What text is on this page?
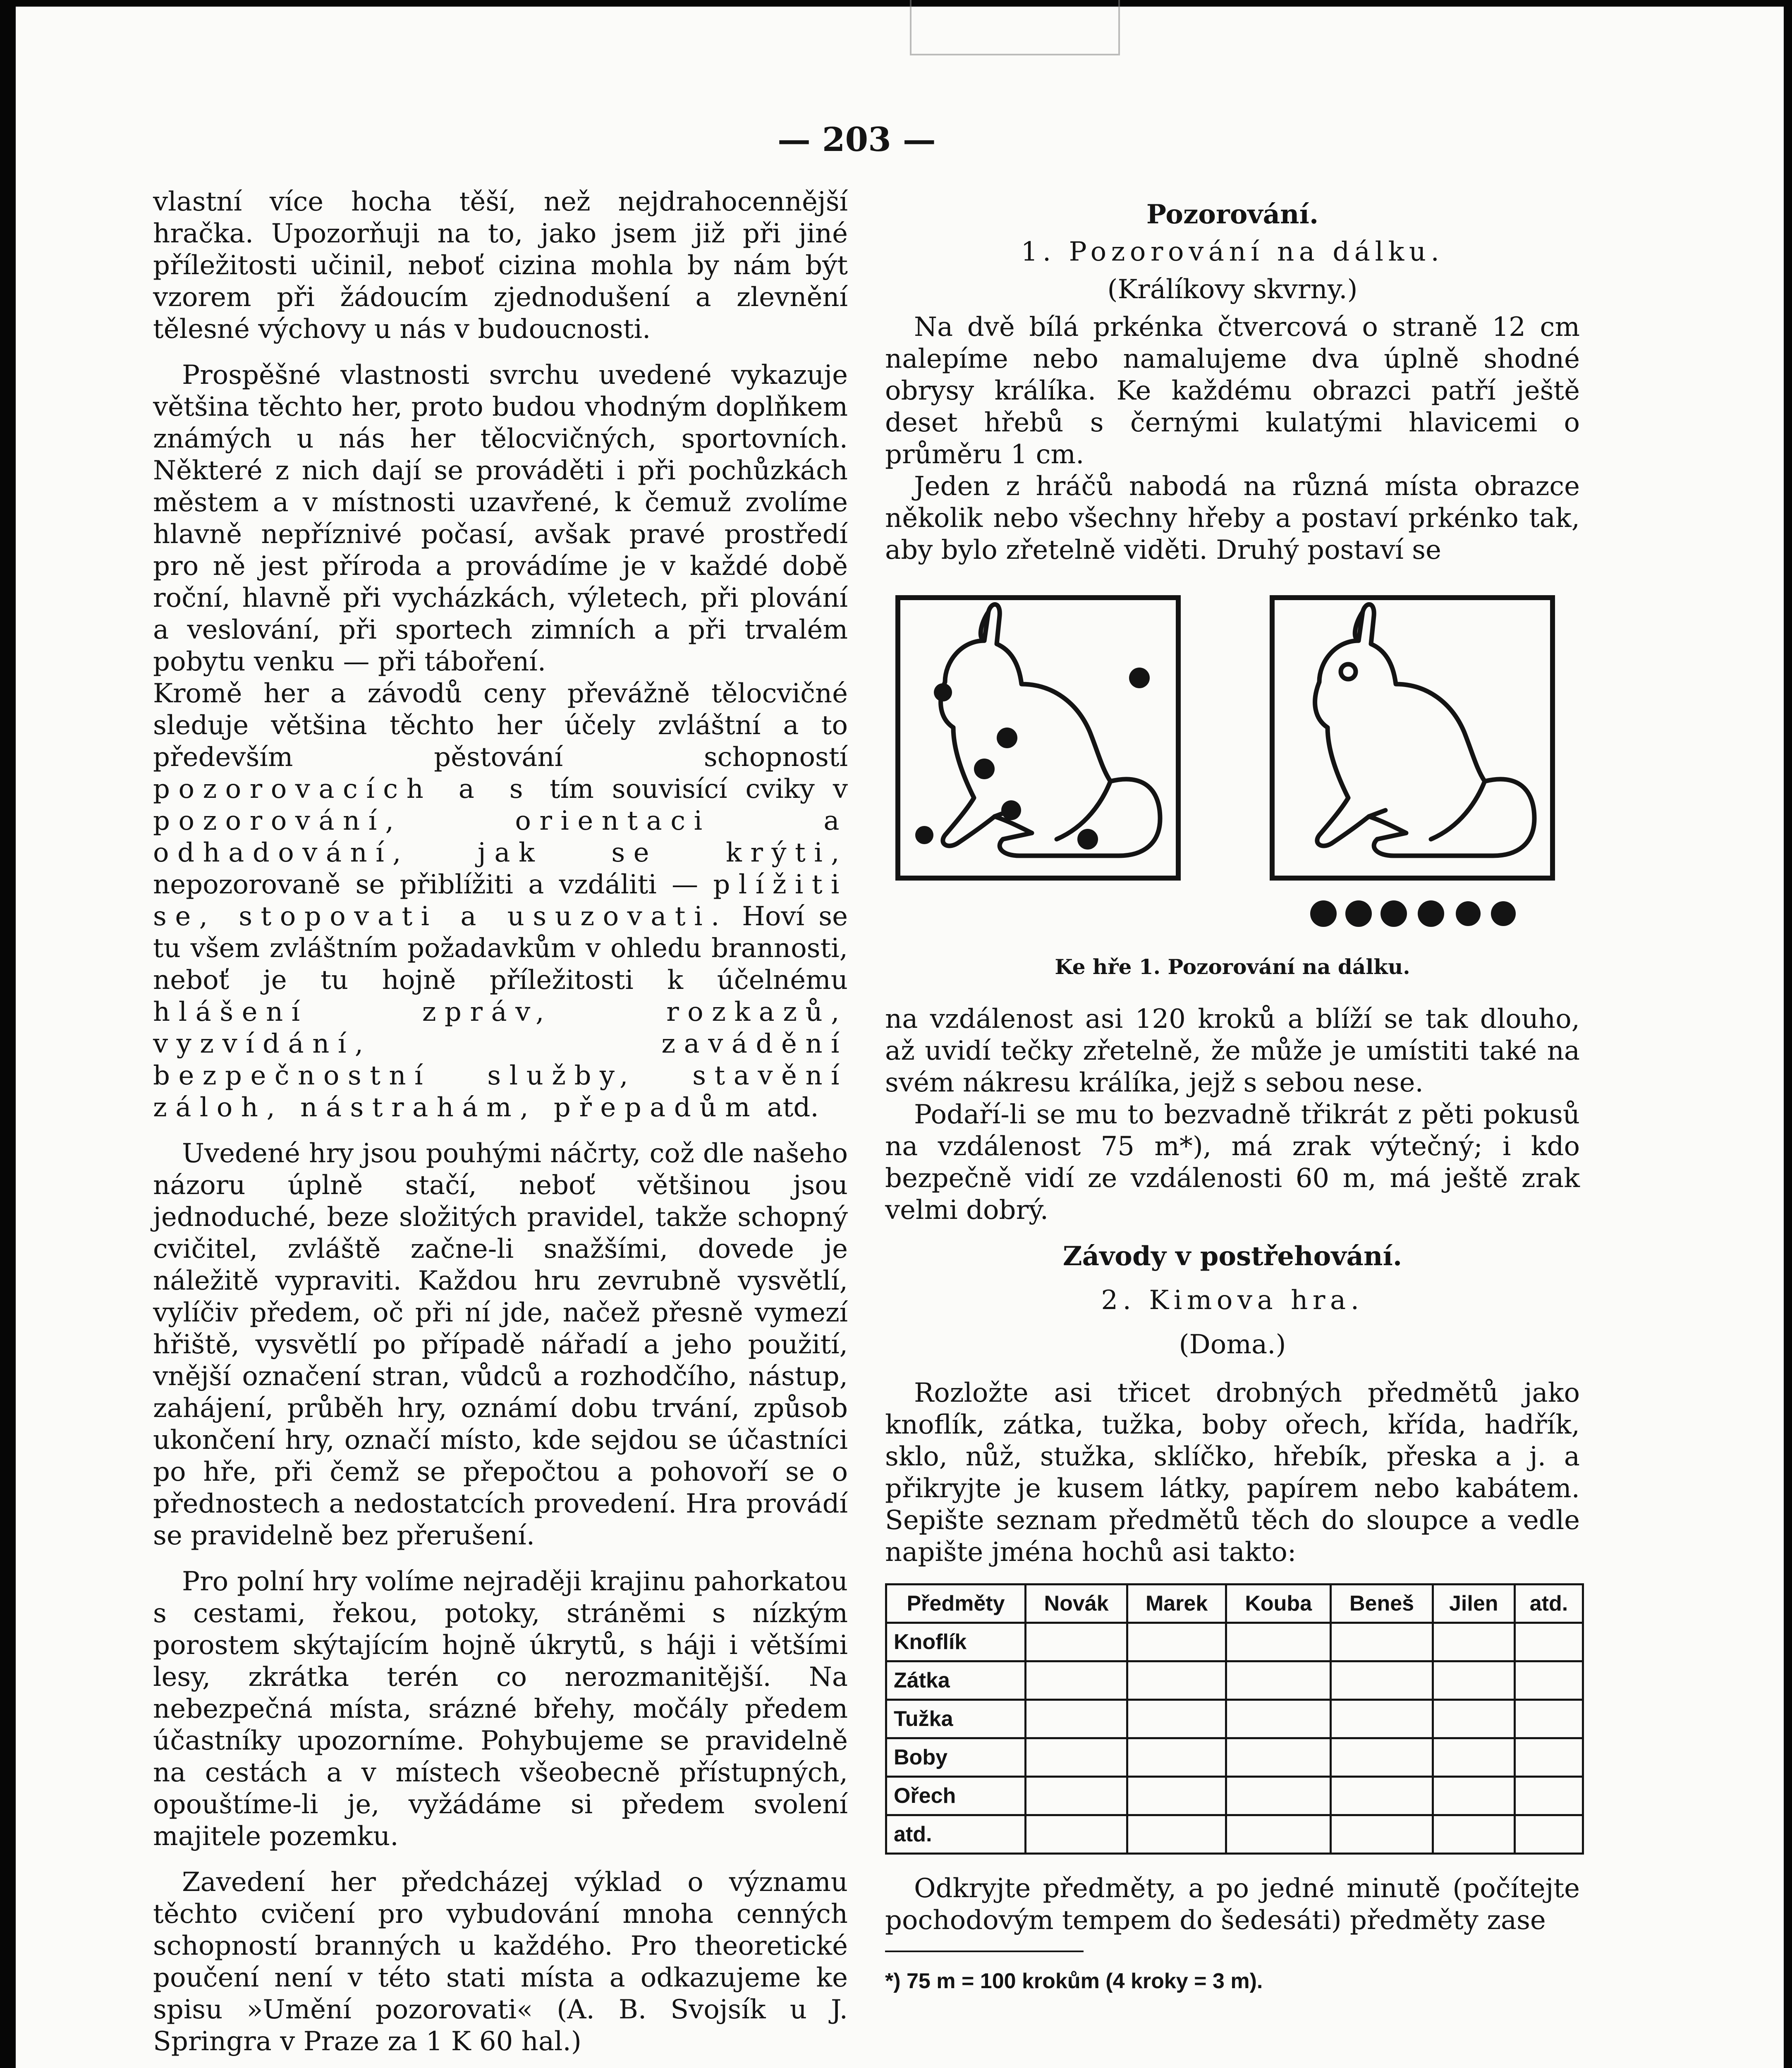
— 203 —

vlastní více hocha těší, než nejdrahocennější hračka. Upozorňuji na to, jako jsem již při jiné příležitosti učinil, neboť cizina mohla by nám být vzorem při žádoucím zjednodušení a zlevnění tělesné výchovy u nás v budoucnosti.

Prospěšné vlastnosti svrchu uvedené vykazuje většina těchto her, proto budou vhodným doplňkem známých u nás her tělocvičných, sportovních. Některé z nich dají se prováděti i při pochůzkách městem a v místnosti uzavřené, k čemuž zvolíme hlavně nepříznivé počasí, avšak pravé prostředí pro ně jest příroda a provádíme je v každé době roční, hlavně při vycházkách, výletech, při plování a veslování, při sportech zimních a při trvalém pobytu venku — při táboření.

Kromě her a závodů ceny převážně tělocvičné sleduje většina těchto her účely zvláštní a to především pěstování schopností pozorovacích a s tím souvisící cviky v pozorování, orientaci a odhadování, jak se krýti, nepozorovaně se přiblížiti a vzdáliti — plížiti se, stopovati a usuzovati. Hoví se tu všem zvláštním požadavkům v ohledu brannosti, neboť je tu hojně příležitosti k účelnému hlášení zpráv, rozkazů, vyzvídání, zavádění bezpečnostní služby, stavění záloh, nástrahám, přepadům atd.

Uvedené hry jsou pouhými náčrty, což dle našeho názoru úplně stačí, neboť většinou jsou jednoduché, beze složitých pravidel, takže schopný cvičitel, zvláště začne-li snažšími, dovede je náležitě vypraviti. Každou hru zevrubně vysvětlí, vylíčiv předem, oč při ní jde, načež přesně vymezí hřiště, vysvětlí po případě nářadí a jeho použití, vnější označení stran, vůdců a rozhodčího, nástup, zahájení, průběh hry, oznámí dobu trvání, způsob ukončení hry, označí místo, kde sejdou se účastníci po hře, při čemž se přepočtou a pohovoří se o přednostech a nedostatcích provedení. Hra provádí se pravidelně bez přerušení.

Pro polní hry volíme nejraději krajinu pahorkatou s cestami, řekou, potoky, stráněmi s nízkým porostem skýtajícím hojně úkrytů, s háji i většími lesy, zkrátka terén co nerozmanitější. Na nebezpečná místa, srázné břehy, močály předem účastníky upozorníme. Pohybujeme se pravidelně na cestách a v místech všeobecně přístupných, opouštíme-li je, vyžádáme si předem svolení majitele pozemku.

Zavedení her předcházej výklad o významu těchto cvičení pro vybudování mnoha cenných schopností branných u každého. Pro theoretické poučení není v této stati místa a odkazujeme ke spisu »Umění pozorovati« (A. B. Svojsík u J. Springra v Praze za 1 K 60 hal.)

Pozorování.
1. Pozorování na dálku.
(Králíkovy skvrny.)

Na dvě bílá prkénka čtvercová o straně 12 cm nalepíme nebo namalujeme dva úplně shodné obrysy králíka. Ke každému obrazci patří ještě deset hřebů s černými kulatými hlavicemi o průměru 1 cm.

Jeden z hráčů nabodá na různá místa obrazce několik nebo všechny hřeby a postaví prkénko tak, aby bylo zřetelně viděti. Druhý postaví se

Ke hře 1. Pozorování na dálku.

na vzdálenost asi 120 kroků a blíží se tak dlouho, až uvidí tečky zřetelně, že může je umístiti také na svém nákresu králíka, jejž s sebou nese.

Podaří-li se mu to bezvadně třikrát z pěti pokusů na vzdálenost 75 m*), má zrak výtečný; i kdo bezpečně vidí ze vzdálenosti 60 m, má ještě zrak velmi dobrý.

Závody v postřehování.
2. Kimova hra.
(Doma.)

Rozložte asi třicet drobných předmětů jako knoflík, zátka, tužka, boby ořech, křída, hadřík, sklo, nůž, stužka, sklíčko, hřebík, přeska a j. a přikryjte je kusem látky, papírem nebo kabátem. Sepište seznam předmětů těch do sloupce a vedle napište jména hochů asi takto:

Předměty	Novák	Marek	Kouba	Beneš	Jilen	atd.
Knoflík						
Zátka						
Tužka						
Boby						
Ořech						
atd.						

Odkryjte předměty, a po jedné minutě (počítejte pochodovým tempem do šedesáti) předměty zase

*) 75 m = 100 krokům (4 kroky = 3 m).
